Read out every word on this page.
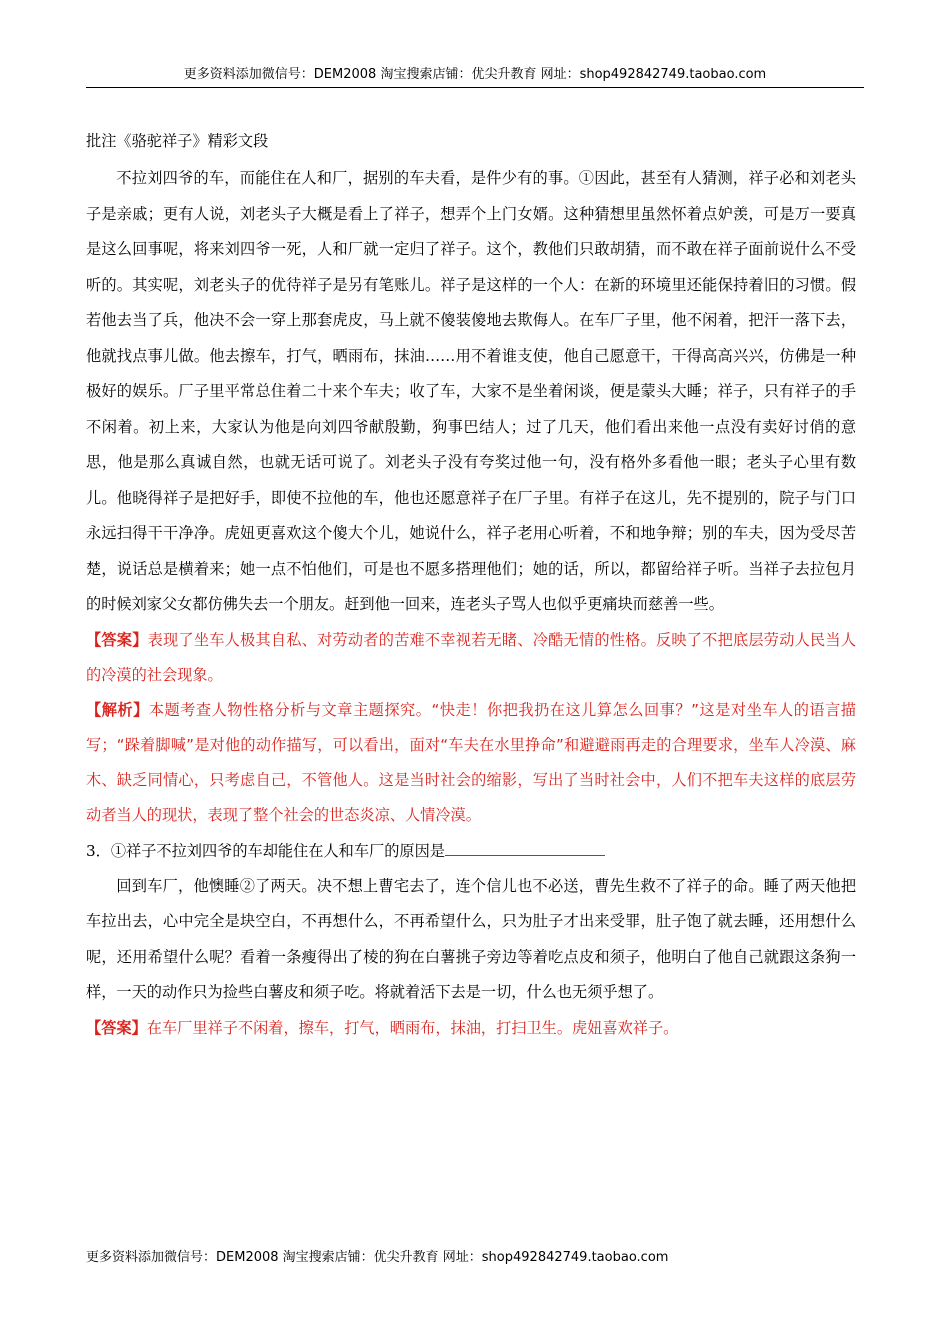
更多资料添加微信号：DEM2008 淘宝搜索店铺：优尖升教育 网址：shop492842749.taobao.com

批注《骆驼祥子》精彩文段

不拉刘四爷的车，而能住在人和厂，据别的车夫看，是件少有的事。①因此，甚至有人猜测，祥子必和刘老头子是亲戚；更有人说，刘老头子大概是看上了祥子，想弄个上门女婿。这种猜想里虽然怀着点妒羡，可是万一要真是这么回事呢，将来刘四爷一死，人和厂就一定归了祥子。这个，教他们只敢胡猜，而不敢在祥子面前说什么不受听的。其实呢，刘老头子的优待祥子是另有笔账儿。祥子是这样的一个人：在新的环境里还能保持着旧的习惯。假若他去当了兵，他决不会一穿上那套虎皮，马上就不傻装傻地去欺侮人。在车厂子里，他不闲着，把汗一落下去，他就找点事儿做。他去擦车，打气，晒雨布，抹油……用不着谁支使，他自己愿意干，干得高高兴兴，仿佛是一种极好的娱乐。厂子里平常总住着二十来个车夫；收了车，大家不是坐着闲谈，便是蒙头大睡；祥子，只有祥子的手不闲着。初上来，大家认为他是向刘四爷献殷勤，狗事巴结人；过了几天，他们看出来他一点没有卖好讨俏的意思，他是那么真诚自然，也就无话可说了。刘老头子没有夸奖过他一句，没有格外多看他一眼；老头子心里有数儿。他晓得祥子是把好手，即使不拉他的车，他也还愿意祥子在厂子里。有祥子在这儿，先不提别的，院子与门口永远扫得干干净净。虎妞更喜欢这个傻大个儿，她说什么，祥子老用心听着，不和地争辩；别的车夫，因为受尽苦楚，说话总是横着来；她一点不怕他们，可是也不愿多搭理他们；她的话，所以，都留给祥子听。当祥子去拉包月的时候刘家父女都仿佛失去一个朋友。赶到他一回来，连老头子骂人也似乎更痛块而慈善一些。

【答案】表现了坐车人极其自私、对劳动者的苦难不幸视若无睹、冷酷无情的性格。反映了不把底层劳动人民当人的冷漠的社会现象。

【解析】本题考查人物性格分析与文章主题探究。“快走！你把我扔在这儿算怎么回事？”这是对坐车人的语言描写；“跺着脚喊”是对他的动作描写，可以看出，面对“车夫在水里挣命”和避避雨再走的合理要求，坐车人冷漠、麻木、缺乏同情心，只考虑自己，不管他人。这是当时社会的缩影，写出了当时社会中，人们不把车夫这样的底层劳动者当人的现状，表现了整个社会的世态炎凉、人情冷漠。

3．①祥子不拉刘四爷的车却能住在人和车厂的原因是

回到车厂，他懊睡②了两天。决不想上曹宅去了，连个信儿也不必送，曹先生救不了祥子的命。睡了两天他把车拉出去，心中完全是块空白，不再想什么，不再希望什么，只为肚子才出来受罪，肚子饱了就去睡，还用想什么呢，还用希望什么呢？看着一条瘦得出了棱的狗在白薯挑子旁边等着吃点皮和须子，他明白了他自己就跟这条狗一样，一天的动作只为捡些白薯皮和须子吃。将就着活下去是一切，什么也无须乎想了。

【答案】在车厂里祥子不闲着，擦车，打气，晒雨布，抹油，打扫卫生。虎妞喜欢祥子。

更多资料添加微信号：DEM2008 淘宝搜索店铺：优尖升教育 网址：shop492842749.taobao.com
